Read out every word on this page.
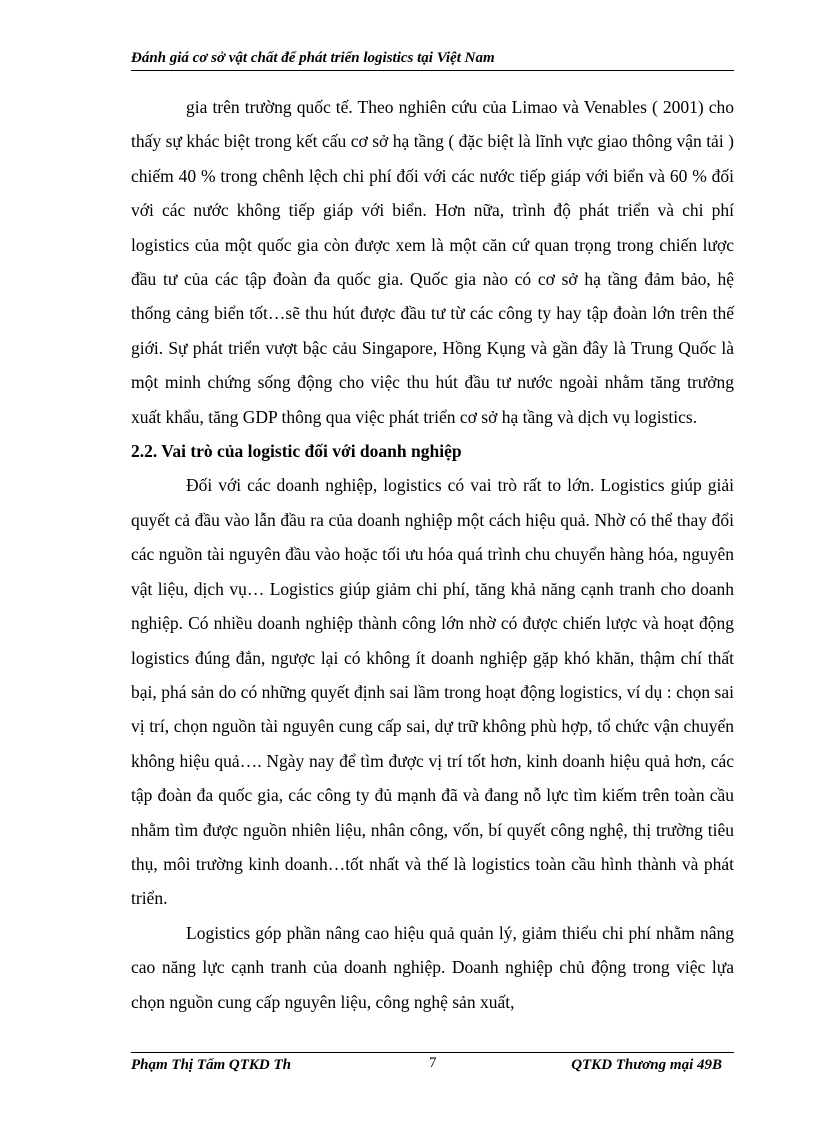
Đánh giá cơ sở vật chất để phát triển logistics tại Việt Nam

gia trên trường quốc tế. Theo nghiên cứu của Limao và Venables ( 2001) cho thấy sự khác biệt trong kết cấu cơ sở hạ tầng ( đặc biệt là lĩnh vực giao thông vận tải ) chiếm 40 % trong chênh lệch chi phí đối với các nước tiếp giáp với biển và 60 % đối với các nước không tiếp giáp với biển. Hơn nữa, trình độ phát triển và chi phí logistics của một quốc gia còn được xem là một căn cứ quan trọng trong chiến lược đầu tư của các tập đoàn đa quốc gia. Quốc gia nào có cơ sở hạ tầng đảm bảo, hệ thống cảng biển tốt…sẽ thu hút được đầu tư từ các công ty hay tập đoàn lớn trên thế giới. Sự phát triển vượt bậc cảu Singapore, Hồng Kụng và gần đây là Trung Quốc là một minh chứng sống động cho việc thu hút đầu tư nước ngoài nhằm tăng trưởng xuất khẩu, tăng GDP thông qua việc phát triển cơ sở hạ tầng và dịch vụ logistics.

2.2. Vai trò của logistic đối với doanh nghiệp

Đối với các doanh nghiệp, logistics có vai trò rất to lớn. Logistics giúp giải quyết cả đầu vào lẫn đầu ra của doanh nghiệp một cách hiệu quả. Nhờ có thể thay đổi các nguồn tài nguyên đầu vào hoặc tối ưu hóa quá trình chu chuyển hàng hóa, nguyên vật liệu, dịch vụ… Logistics giúp giảm chi phí, tăng khả năng cạnh tranh cho doanh nghiệp. Có nhiều doanh nghiệp thành công lớn nhờ có được chiến lược và hoạt động logistics đúng đắn, ngược lại có không ít doanh nghiệp gặp khó khăn, thậm chí thất bại, phá sản do có những quyết định sai lầm trong hoạt động logistics, ví dụ : chọn sai vị trí, chọn nguồn tài nguyên cung cấp sai, dự trữ không phù hợp, tổ chức vận chuyển không hiệu quả…. Ngày nay để tìm được vị trí tốt hơn, kinh doanh hiệu quả hơn, các tập đoàn đa quốc gia, các công ty đủ mạnh đã và đang nỗ lực tìm kiếm trên toàn cầu nhằm tìm được nguồn nhiên liệu, nhân công, vốn, bí quyết công nghệ, thị trường tiêu thụ, môi trường kinh doanh…tốt nhất và thế là logistics toàn cầu hình thành và phát triển.

Logistics góp phần nâng cao hiệu quả quản lý, giảm thiểu chi phí nhằm nâng cao năng lực cạnh tranh của doanh nghiệp. Doanh nghiệp chủ động trong việc lựa chọn nguồn cung cấp nguyên liệu, công nghệ sản xuất,

Phạm Thị Tấm QTKD Th	7	QTKD Thương mại 49B
